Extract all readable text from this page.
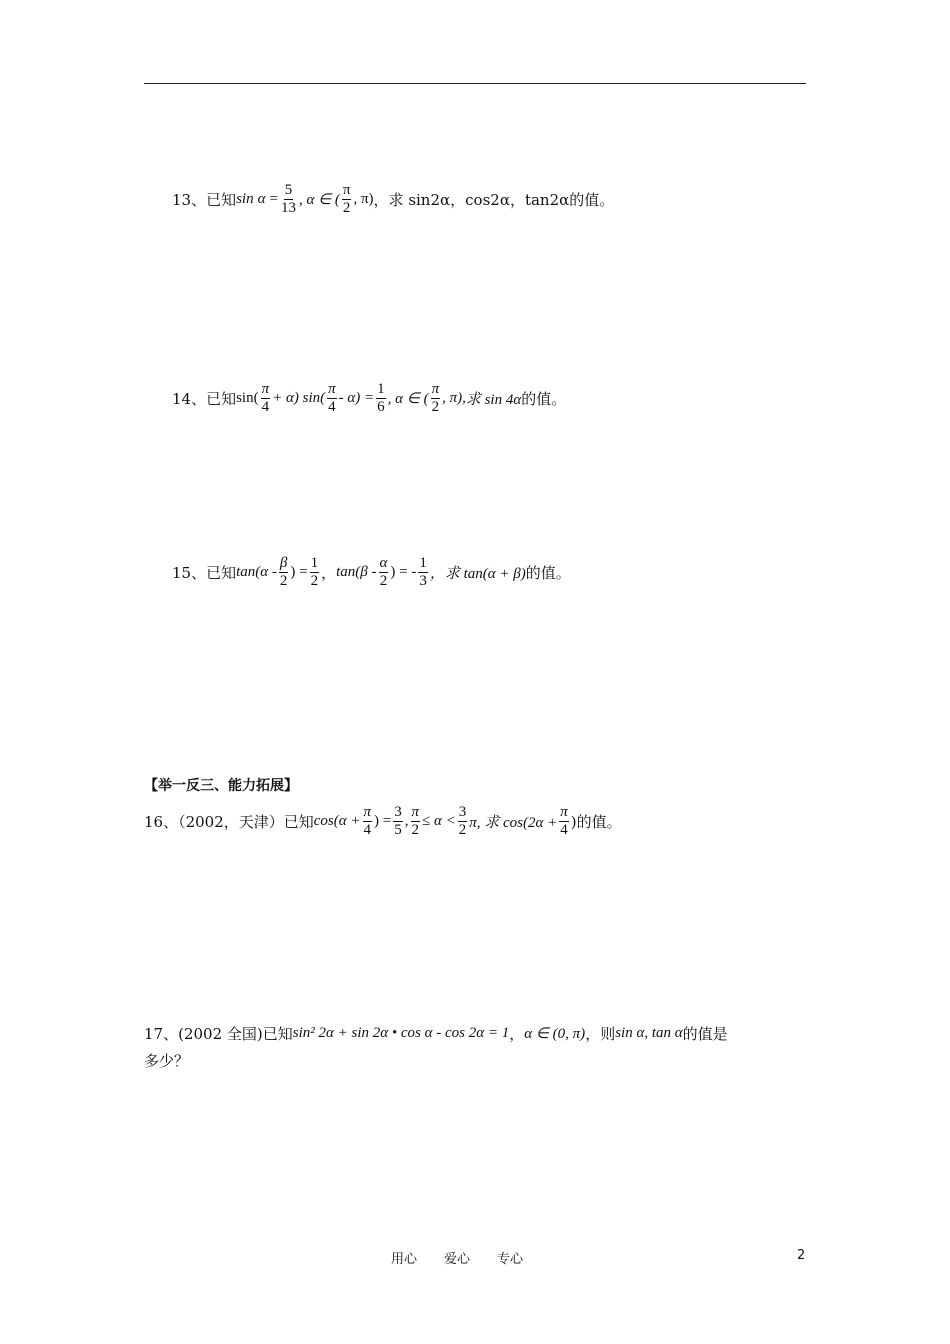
13、已知 $\sin \alpha = \frac{5}{13}$ , α ∈ ( $\frac{\pi}{2}$ , π) ，求 sin2α，cos2α，tan2α的值。
14、已知 $\sin( \frac{\pi}{4} + \alpha)$ $\sin( \frac{\pi}{4} - \alpha) = \frac{1}{6}$ , α ∈ ( $\frac{\pi}{2}$ , π), 求 sin 4α 的值。
15、已知 $\tan(\alpha - \frac{\beta}{2}$ ) = $\frac{1}{2}$ ， $\tan(\beta - \frac{\alpha}{2}$ ) = - $\frac{1}{3}$ ，求 tan(α + β) 的值。
【举一反三、能力拓展】
16、（2002，天津）已知 $\cos(\alpha + \frac{\pi}{4}$ ) = $\frac{3}{5}$ , $\frac{\pi}{2} \le \alpha < \frac{3}{2} \pi$, 求 $\cos(2\alpha + \frac{\pi}{4}$ )的值。
17、(2002 全国)已知 sin² 2α + sin 2α • cos α - cos 2α = 1 ， α ∈ (0, π) ，则 sin α, tan α 的值是
多少？
用心 爱心 专心	2
